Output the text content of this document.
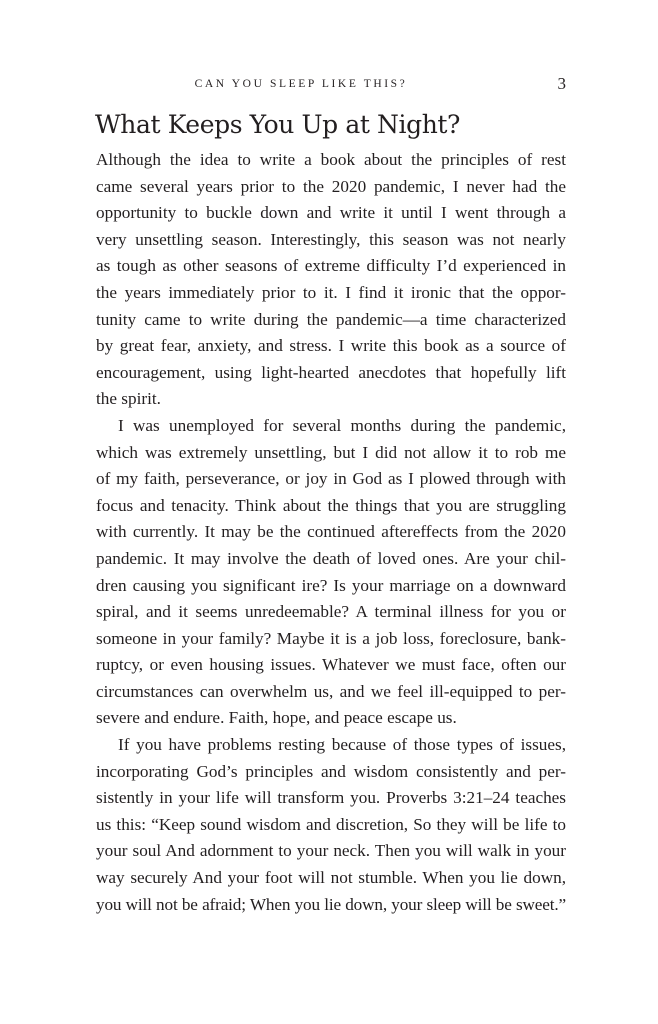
CAN YOU SLEEP LIKE THIS?	3
What Keeps You Up at Night?
Although the idea to write a book about the principles of rest
came several years prior to the 2020 pandemic, I never had the
opportunity to buckle down and write it until I went through a
very unsettling season. Interestingly, this season was not nearly
as tough as other seasons of extreme difficulty I’d experienced in
the years immediately prior to it. I find it ironic that the oppor-
tunity came to write during the pandemic—a time characterized
by great fear, anxiety, and stress. I write this book as a source of
encouragement, using light-hearted anecdotes that hopefully lift
the spirit.
I was unemployed for several months during the pandemic,
which was extremely unsettling, but I did not allow it to rob me
of my faith, perseverance, or joy in God as I plowed through with
focus and tenacity. Think about the things that you are struggling
with currently. It may be the continued aftereffects from the 2020
pandemic. It may involve the death of loved ones. Are your chil-
dren causing you significant ire? Is your marriage on a downward
spiral, and it seems unredeemable? A terminal illness for you or
someone in your family? Maybe it is a job loss, foreclosure, bank-
ruptcy, or even housing issues. Whatever we must face, often our
circumstances can overwhelm us, and we feel ill-equipped to per-
severe and endure. Faith, hope, and peace escape us.
If you have problems resting because of those types of issues,
incorporating God’s principles and wisdom consistently and per-
sistently in your life will transform you. Proverbs 3:21–24 teaches
us this: “Keep sound wisdom and discretion, So they will be life to
your soul And adornment to your neck. Then you will walk in your
way securely And your foot will not stumble. When you lie down,
you will not be afraid; When you lie down, your sleep will be sweet.”
